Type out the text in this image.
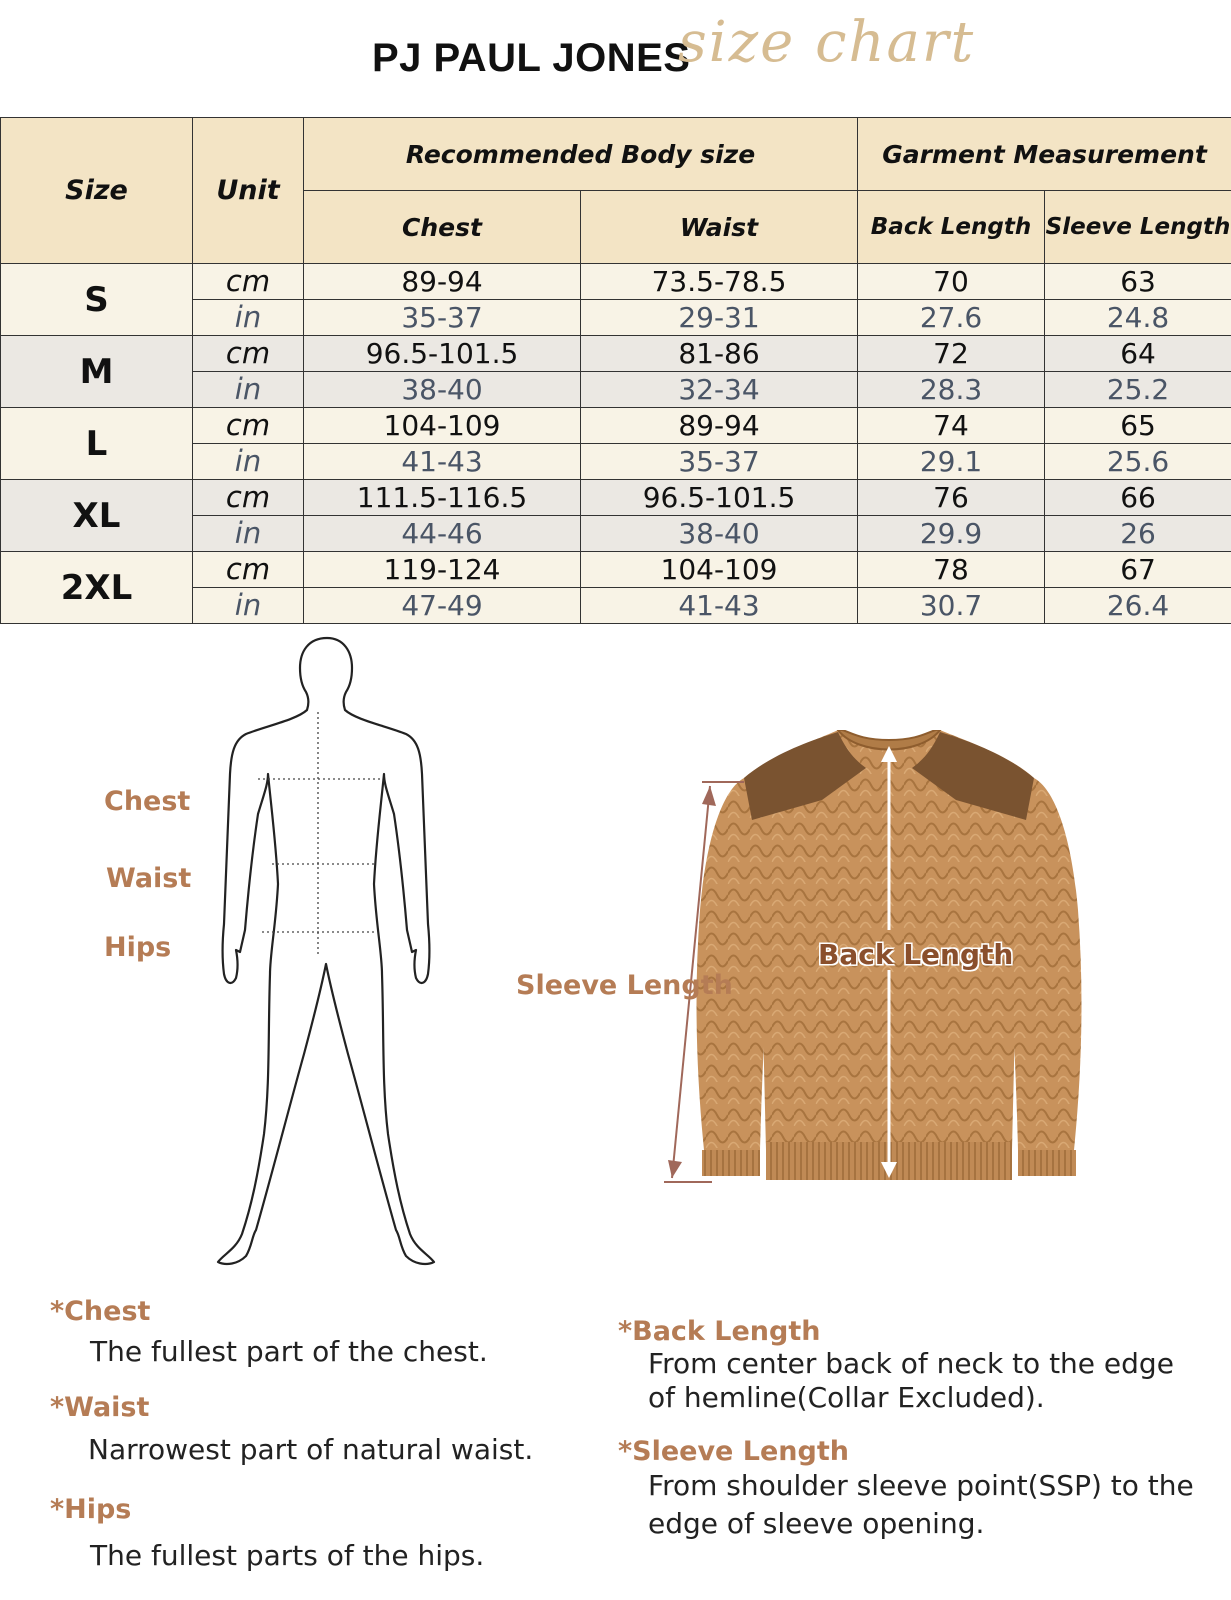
PJ PAUL JONES
size chart
Size	Unit	Recommended Body size		Garment Measurement	
		Chest	Waist	Back Length	Sleeve Length
S	cm	89-94	73.5-78.5	70	63
	in	35-37	29-31	27.6	24.8
M	cm	96.5-101.5	81-86	72	64
	in	38-40	32-34	28.3	25.2
L	cm	104-109	89-94	74	65
	in	41-43	35-37	29.1	25.6
XL	cm	111.5-116.5	96.5-101.5	76	66
	in	44-46	38-40	29.9	26
2XL	cm	119-124	104-109	78	67
	in	47-49	41-43	30.7	26.4
Chest
Waist
Hips
Sleeve Length
Back Length
*Chest
The fullest part of the chest.
*Waist
Narrowest part of natural waist.
*Hips
The fullest parts of the hips.
*Back Length
From center back of neck to the edge
of hemline(Collar Excluded).
*Sleeve Length
From shoulder sleeve point(SSP) to the
edge of sleeve opening.
